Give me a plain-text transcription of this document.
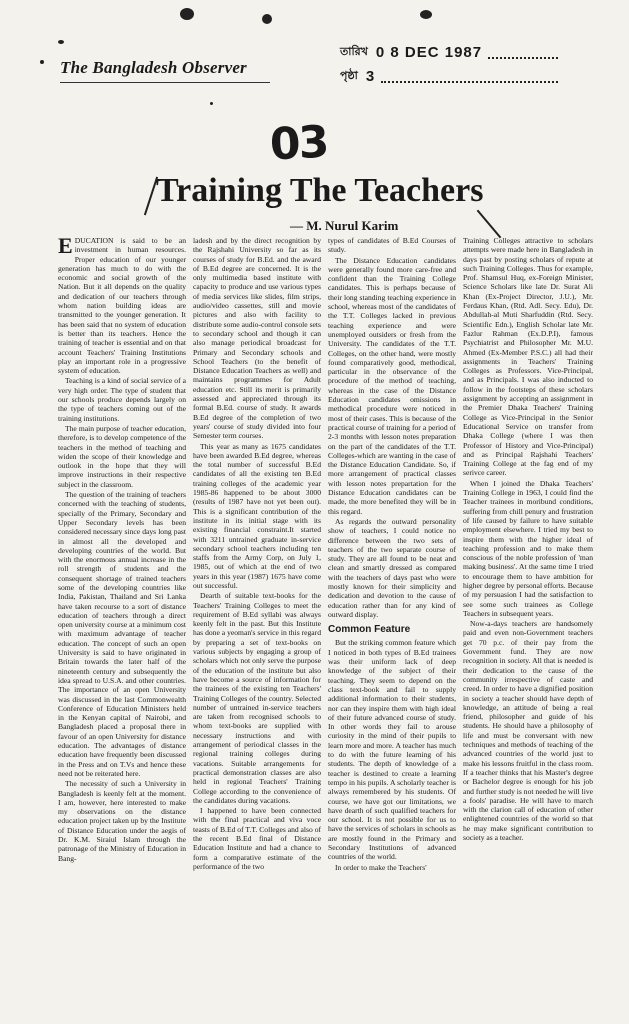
The Bangladesh Observer
তারিখ 0 8 DEC 1987
পৃষ্ঠা 3
03
Training The Teachers
— M. Nurul Karim

EDUCATION is said to be an investment in human resources. Proper education of our younger generation has much to do with the economic and social growth of the Nation. But it all depends on the quality and dedication of our teachers through whom nation building ideas are transmitted to the younger generation. It has been said that no system of education is better than its teachers. Hence the training of teacher is essential and on that account Teachers' Training Institutions play an important role in a progressive system of education.

Teaching is a kind of social service of a very high order. The type of student that our schools produce depends largely on the type of teachers coming out of the training institutions.

The main purpose of teacher education, therefore, is to develop competence of the teachers in the method of teaching and widen the scope of their knowledge and outlook in the hope that they will improve instructions in their respective subject in the classroom.

The question of the training of teachers concerned with the teaching of students, specially of the Primary, Secondary and Upper Secondary levels has been considered necessary since days long past in almost all the developed and developing countries of the world. But with the enormous annual increase in the roll strength of students and the consequent shortage of trained teachers some of the developing countries like India, Pakistan, Thailand and Sri Lanka have taken recourse to a sort of distance education of teachers through a direct open university course at a minimum cost with maximum advantage of teacher education. The concept of such an open University is said to have originated in Britain towards the later half of the nineteenth century and subsequently the idea spread to U.S.A. and other countries. The importance of an open University was discussed in the last Commonwealth Conference of Education Ministers held in the Kenyan capital of Nairobi, and Bangladesh placed a proposal there in favour of an open University for distance education. The advantages of distance education have frequently been discussed in the Press and on T.Vs and hence these need not be reiterated here.

The necessity of such a University in Bangladesh is keenly felt at the moment. I am, however, here interested to make my observations on the distance education project taken up by the Institute of Distance Education under the aegis of Dr. K.M. Siraiul Islam through the patronage of the Ministry of Education in Bang-

ladesh and by the direct recognition by the Rajshahi University so far as its courses of study for B.Ed. and the award of B.Ed degree are concerned. It is the only multimedia based institute with capacity to produce and use various types of media services like slides, film strips, audio/video cassettes, still and movie pictures and also with facility to distribute some audio-control console sets to secondary school and though it can also manage periodical broadcast for Primary and Secondary schools and School Teachers (to the benefit of Distance Education Teachers as well) and maintains programmes for Adult education etc. Still its merit is primarily assessed and appreciated through its formal B.Ed. course of study. It awards B.Ed degree of the completion of two years' course of study divided into four Semester term courses.

This year as many as 1675 candidates have been awarded B.Ed degree, whereas the total number of successful B.Ed candidates of all the existing ten B.Ed training colleges of the academic year 1985-86 happened to be about 3000 (results of 1987 have not yet been out). This is a significant contribution of the institute in its initial stage with its existing financial constraint.It started with 3211 untrained graduate in-service secondary school teachers including ten staffs from the Army Corp, on July 1, 1985, out of which at the end of two years in this year (1987) 1675 have come out successful.

Dearth of suitable text-books for the Teachers' Training Colleges to meet the requirement of B.Ed syllabi was always keenly felt in the past. But this Institute has done a yeoman's service in this regard by preparing a set of text-books on various subjects by engaging a group of scholars which not only serve the purpose of the education of the institute but also have become a source of information for the trainees of the existing ten Teachers' Training Colleges of the country. Selected number of untrained in-service teachers are taken from recognised schools to whom text-books are supplied with necessary instructions and with arrangement of periodical classes in the regional training colleges during vacations. Suitable arrangements for practical demonstration classes are also held in regional Teachers' Training College according to the convenience of the candidates during vacations.

I happened to have been connected with the final practical and viva voce teasts of B.Ed of T.T. Colleges and also of the recent B.Ed final of Distance Education Institute and had a chance to form a comparative estimate of the performance of the two

types of candidates of B.Ed Courses of study.

The Distance Education candidates were generally found more care-free and confident than the Training College candidates. This is perhaps because of their long standing teaching experience in school, whereas most of the candidates of the T.T. Colleges lacked in previous teaching experience and were unemployed outsiders or fresh from the University. The candidates of the T.T. Colleges, on the other hand, were mostly found comparatively good, methodical, particular in the observance of the procedure of the method of teaching, whereas in the case of the Distance Education candidates omissions in methodical procedure were noticed in most of their cases. This is because of the practical course of training for a period of 2-3 months with lesson notes preparation on the part of the candidates of the T.T. Colleges-which are wanting in the case of the Distance Education Candidate. So, if more arrangement of practical classes with lesson notes prepartation for the Distance Education candidates can be made, the more benefited they will be in this regard.

As regards the outward personality show of teachers, I could notice no difference between the two sets of teachers of the two separate course of study. They are all found to be neat and clean and smartly dressed as compared with the teachers of days past who were mostly known for their simplicity and dedication and devotion to the cause of education rather than for any kind of outward display.

Common Feature

But the striking common feature which I noticed in both types of B.Ed trainees was their uniform lack of deep knowledge of the subject of their teaching. They seem to depend on the class text-book and fail to supply additional information to their students, nor can they inspire them with high ideal of their future advanced course of study. In other words they fail to arouse curiosity in the mind of their pupils to learn more and more. A teacher has much to do with the future learning of his students. The depth of knowledge of a teacher is destined to create a learning tempo in his pupils. A scholarly teacher is always remembered by his students. Of course, we have got our limitations, we have dearth of such qualified teachers for our school. It is not possible for us to have the services of scholars in schools as are mostly found in the Primary and Secondary Institutions of advanced countries of the world.

In order to make the Teachers'

Training Colleges attractive to scholars attempts were made here in Bangladesh in days past by posting scholars of repute at such Training Colleges. Thus for example, Prof. Shamsul Huq, ex-Foreign Minister, Science Scholars like late Dr. Surat Ali Khan (Ex-Project Director, J.U.), Mr. Ferdaus Khan, (Rtd. Adl. Secy. Edu), Dr. Abdullah-al Muti Sharfuddin (Rtd. Secy. Scientific Edn.), English Scholar late Mr. Fazlur Rahman (Ex.D.P.I), famous Psychiatrist and Philosopher Mr. M.U. Ahmed (Ex-Member P.S.C.) all had their assignments in Teachers' Training Colleges as Professors. Vice-Principal, and as Principals. I was also inducted to follow in the footsteps of these scholars assignment by accepting an assignment in the Premier Dhaka Teachers' Training College as Vice-Principal in the Senior Educational Service on transfer from Dhaka College (where I was then Professor of History and Vice-Principal) and as Principal Rajshahi Teachers' Training College at the fag end of my serivce career.

When I joined the Dhaka Teachers' Training College in 1963, I could find the Teacher trainees in moribund conditions, suffering from chill penury and frustration of life caused by failure to have suitable employment elsewhere. I tried my best to inspire them with the higher ideal of teaching profession and to make them conscious of the noble profession of 'man making business'. At the same time I tried to encourage them to have ambition for higher degree by personal efforts. Because of my persuasion I had the satisfaction to see some such trainees as College Teachers in subsequent years.

Now-a-days teachers are handsomely paid and even non-Government teachers get 70 p.c. of their pay from the Government fund. They are now recognition in society. All that is needed is their dedication to the cause of the community irrespective of caste and creed. In order to have a dignified position in society a teacher should have depth of knowledge, an attitude of being a real friend, philosopher and guide of his students. He should have a philosophy of life and must be conversant with new techniques and methods of teaching of the advanced countries of the world just to make his lessons fruitful in the class room. If a teacher thinks that his Master's degree or Bachelor degree is enough for his job and further study is not needed he will live a fools' paradise. He will have to march with the clarion call of education of other enlightened countries of the world so that he may make significant contribution to society as a teacher.
